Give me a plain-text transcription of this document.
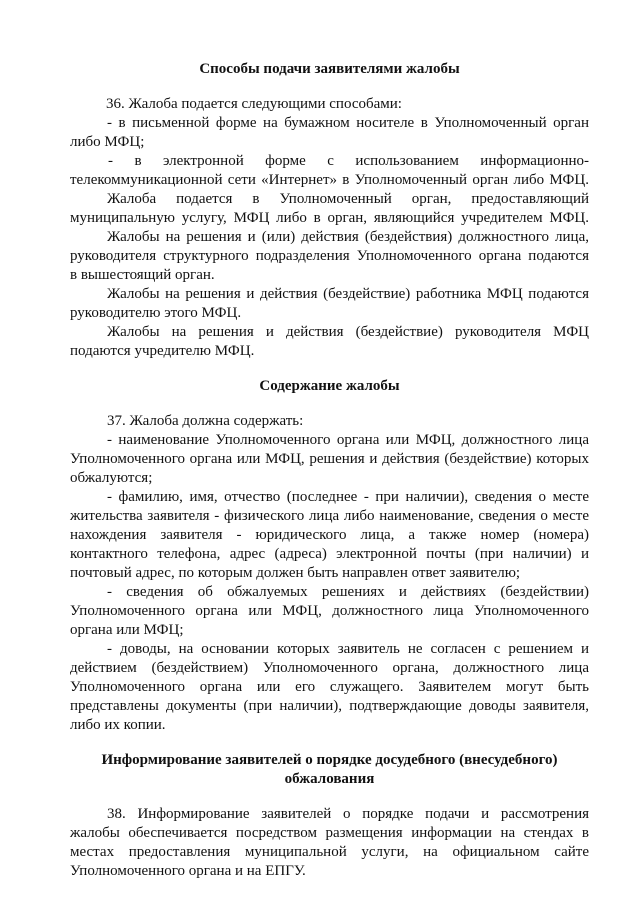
Способы подачи заявителями жалобы
36. Жалоба подается следующими способами:
- в письменной форме на бумажном носителе в Уполномоченный орган
либо МФЦ;
- в электронной форме с использованием информационно-
телекоммуникационной сети «Интернет» в Уполномоченный орган либо МФЦ.
Жалоба подается в Уполномоченный орган, предоставляющий
муниципальную услугу, МФЦ либо в орган, являющийся учредителем МФЦ.
Жалобы на решения и (или) действия (бездействия) должностного лица,
руководителя структурного подразделения Уполномоченного органа подаются
в вышестоящий орган.
Жалобы на решения и действия (бездействие) работника МФЦ подаются
руководителю этого МФЦ.
Жалобы на решения и действия (бездействие) руководителя МФЦ
подаются учредителю МФЦ.
Содержание жалобы
37. Жалоба должна содержать:
- наименование Уполномоченного органа или МФЦ, должностного лица
Уполномоченного органа или МФЦ, решения и действия (бездействие) которых
обжалуются;
- фамилию, имя, отчество (последнее - при наличии), сведения о месте
жительства заявителя - физического лица либо наименование, сведения о месте
нахождения заявителя - юридического лица, а также номер (номера)
контактного телефона, адрес (адреса) электронной почты (при наличии) и
почтовый адрес, по которым должен быть направлен ответ заявителю;
- сведения об обжалуемых решениях и действиях (бездействии)
Уполномоченного органа или МФЦ, должностного лица Уполномоченного
органа или МФЦ;
- доводы, на основании которых заявитель не согласен с решением и
действием (бездействием) Уполномоченного органа, должностного лица
Уполномоченного органа или его служащего. Заявителем могут быть
представлены документы (при наличии), подтверждающие доводы заявителя,
либо их копии.
Информирование заявителей о порядке досудебного (внесудебного)
обжалования
38. Информирование заявителей о порядке подачи и рассмотрения
жалобы обеспечивается посредством размещения информации на стендах в
местах предоставления муниципальной услуги, на официальном сайте
Уполномоченного органа и на ЕПГУ.
